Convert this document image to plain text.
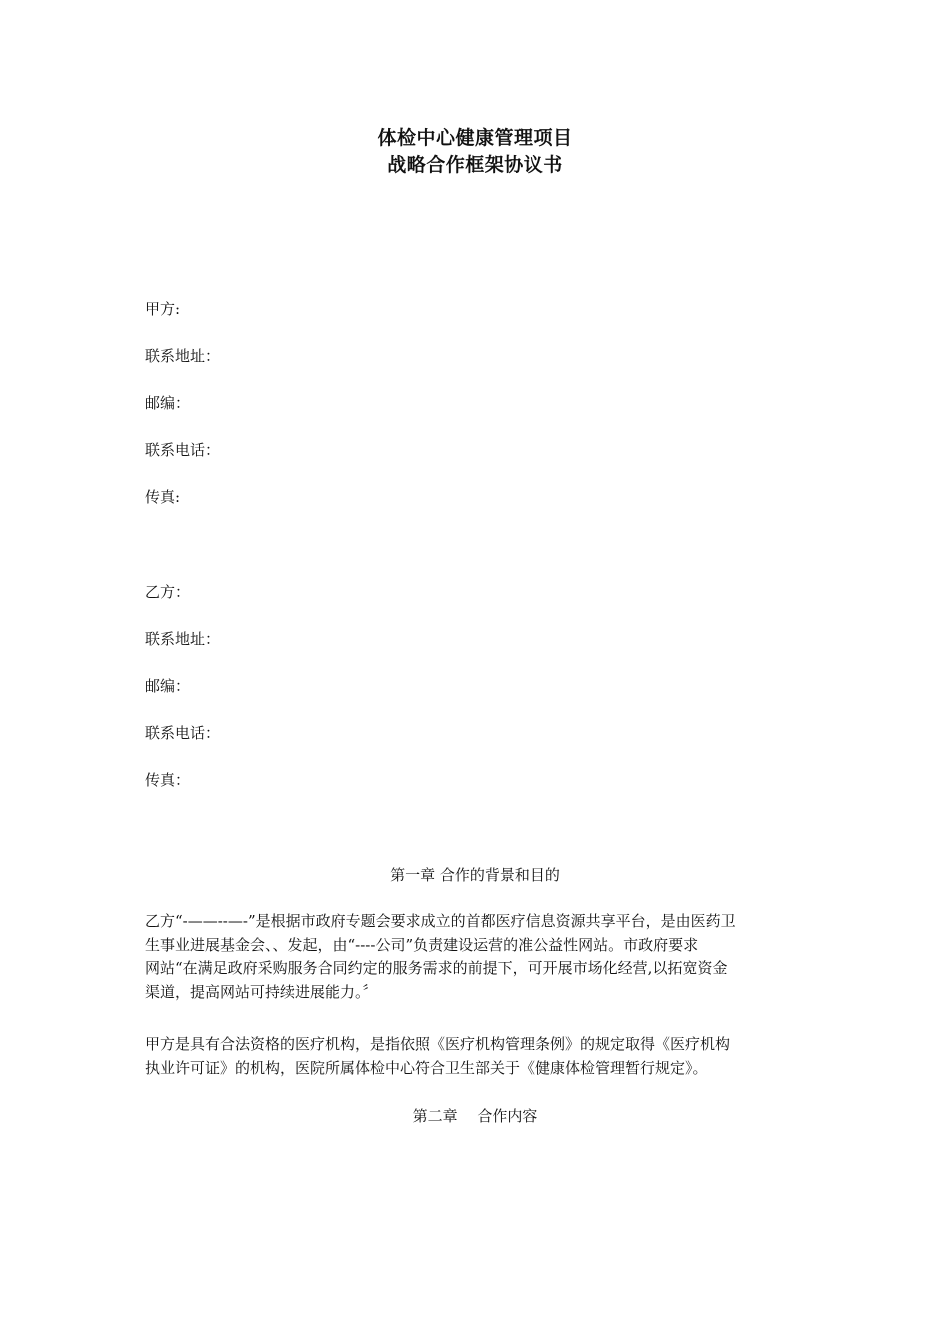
体检中心健康管理项目
战略合作框架协议书
甲方:
联系地址：
邮编：
联系电话：
传真:
乙方：
联系地址：
邮编：
联系电话：
传真：
第一章 合作的背景和目的
乙方“-——--—-”是根据市政府专题会要求成立的首都医疗信息资源共享平台，是由医药卫
生事业进展基金会、、发起，由“----公司”负责建设运营的准公益性网站。市政府要求
网站“在满足政府采购服务合同约定的服务需求的前提下，可开展市场化经营,以拓宽资金
渠道，提高网站可持续进展能力。〞
甲方是具有合法资格的医疗机构，是指依照《医疗机构管理条例》的规定取得《医疗机构
执业许可证》的机构，医院所属体检中心符合卫生部关于《健康体检管理暂行规定》。
第二章　 合作内容
